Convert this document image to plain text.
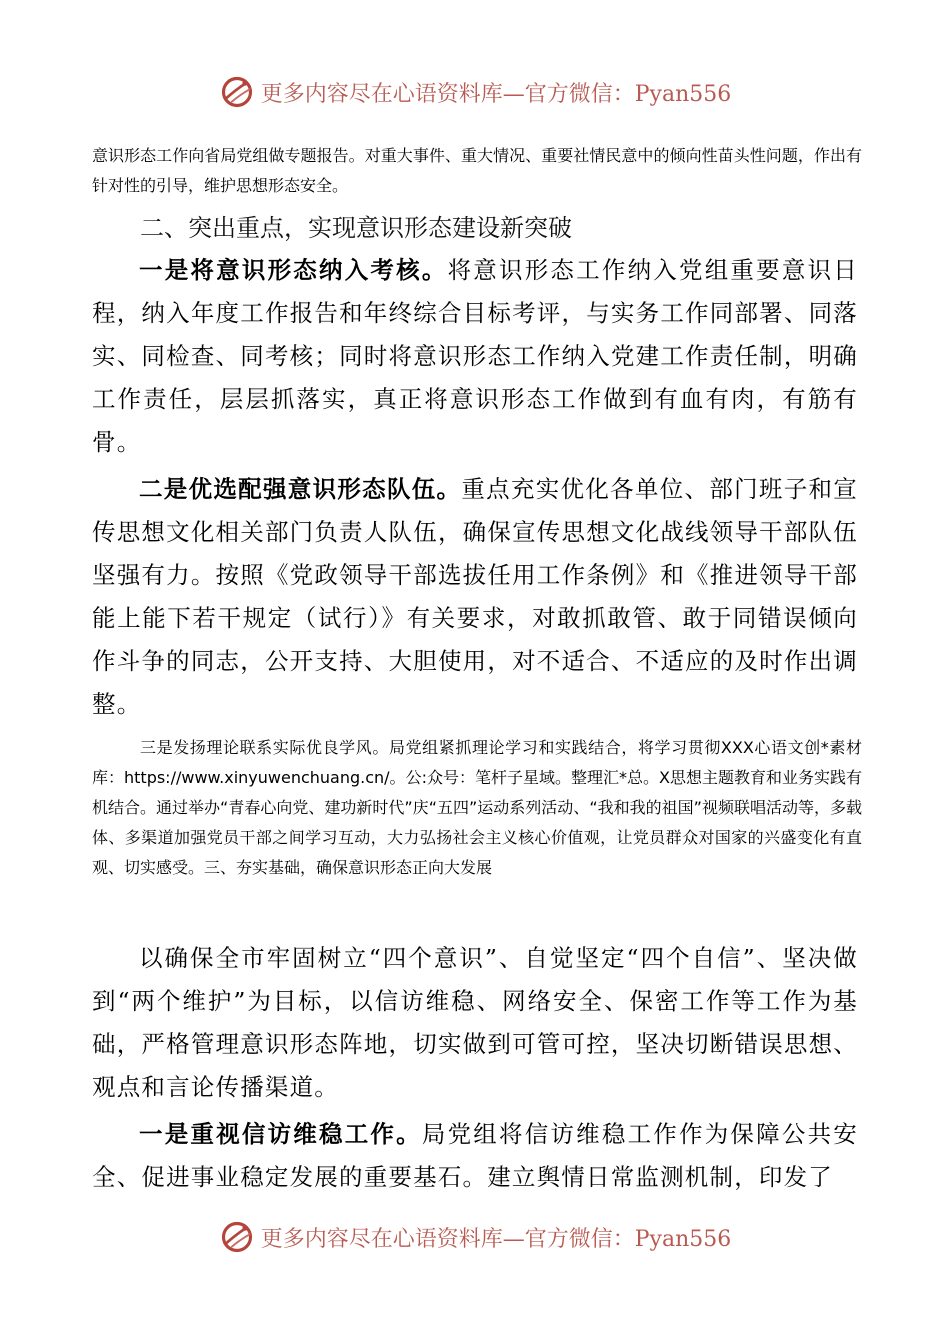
更多内容尽在心语资料库—官方微信：Pyan556

意识形态工作向省局党组做专题报告。对重大事件、重大情况、重要社情民意中的倾向性苗头性问题，作出有针对性的引导，维护思想形态安全。

二、突出重点，实现意识形态建设新突破

一是将意识形态纳入考核。将意识形态工作纳入党组重要意识日程，纳入年度工作报告和年终综合目标考评，与实务工作同部署、同落实、同检查、同考核；同时将意识形态工作纳入党建工作责任制，明确工作责任，层层抓落实，真正将意识形态工作做到有血有肉，有筋有骨。

二是优选配强意识形态队伍。重点充实优化各单位、部门班子和宣传思想文化相关部门负责人队伍，确保宣传思想文化战线领导干部队伍坚强有力。按照《党政领导干部选拔任用工作条例》和《推进领导干部能上能下若干规定（试行）》有关要求，对敢抓敢管、敢于同错误倾向作斗争的同志，公开支持、大胆使用，对不适合、不适应的及时作出调整。

三是发扬理论联系实际优良学风。局党组紧抓理论学习和实践结合，将学习贯彻XXX心语文创*素材库：https://www.xinyuwenchuang.cn/。公:众号：笔杆子星域。整理汇*总。X思想主题教育和业务实践有机结合。通过举办“青春心向党、建功新时代”庆“五四”运动系列活动、“我和我的祖国”视频联唱活动等，多载体、多渠道加强党员干部之间学习互动，大力弘扬社会主义核心价值观，让党员群众对国家的兴盛变化有直观、切实感受。三、夯实基础，确保意识形态正向大发展

以确保全市牢固树立“四个意识”、自觉坚定“四个自信”、坚决做到“两个维护”为目标，以信访维稳、网络安全、保密工作等工作为基础，严格管理意识形态阵地，切实做到可管可控，坚决切断错误思想、观点和言论传播渠道。

一是重视信访维稳工作。局党组将信访维稳工作作为保障公共安全、促进事业稳定发展的重要基石。建立舆情日常监测机制，印发了

更多内容尽在心语资料库—官方微信：Pyan556
